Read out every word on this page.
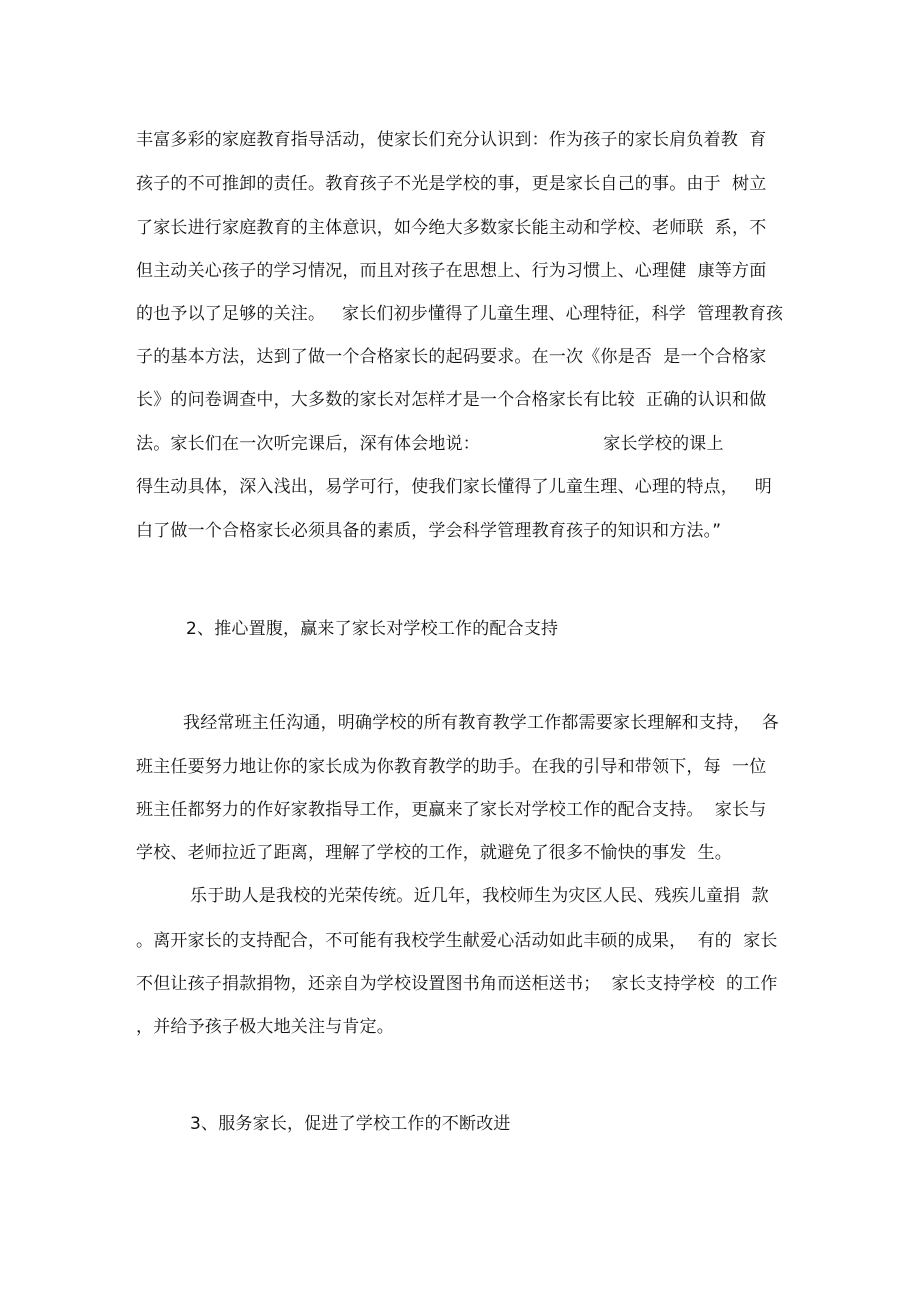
丰富多彩的家庭教育指导活动，使家长们充分认识到：作为孩子的家长肩负着教  育
孩子的不可推卸的责任。教育孩子不光是学校的事，更是家长自己的事。由于  树立
了家长进行家庭教育的主体意识，如今绝大多数家长能主动和学校、老师联  系，不
但主动关心孩子的学习情况，而且对孩子在思想上、行为习惯上、心理健  康等方面
的也予以了足够的关注。   家长们初步懂得了儿童生理、心理特征，科学  管理教育孩
子的基本方法，达到了做一个合格家长的起码要求。在一次《你是否  是一个合格家
长》的问卷调查中，大多数的家长对怎样才是一个合格家长有比较  正确的认识和做
法。家长们在一次听完课后，深有体会地说：                      家长学校的课上
得生动具体，深入浅出，易学可行，使我们家长懂得了儿童生理、心理的特点，   明
白了做一个合格家长必须具备的素质，学会科学管理教育孩子的知识和方法。”
2、推心置腹，赢来了家长对学校工作的配合支持
我经常班主任沟通，明确学校的所有教育教学工作都需要家长理解和支持，  各
班主任要努力地让你的家长成为你教育教学的助手。在我的引导和带领下，每  一位
班主任都努力的作好家教指导工作，更赢来了家长对学校工作的配合支持。  家长与
学校、老师拉近了距离，理解了学校的工作，就避免了很多不愉快的事发  生。
乐于助人是我校的光荣传统。近几年，我校师生为灾区人民、残疾儿童捐  款
。离开家长的支持配合，不可能有我校学生献爱心活动如此丰硕的成果，  有的  家长
不但让孩子捐款捐物，还亲自为学校设置图书角而送柜送书；  家长支持学校  的工作
，并给予孩子极大地关注与肯定。
3、服务家长，促进了学校工作的不断改进
